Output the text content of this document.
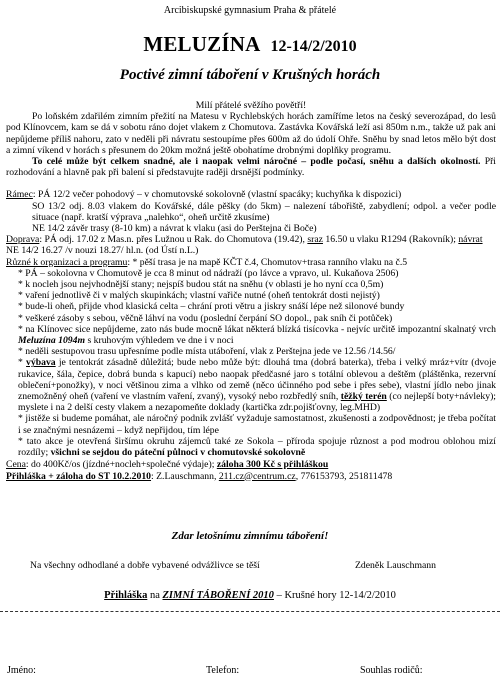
Arcibiskupské gymnasium Praha & přátelé
MELUZÍNA 12-14/2/2010
Poctivé zimní táboření v Krušných horách
Milí přátelé svěžího povětří!

Po loňském zdařilém zimním přežití na Matesu v Rychlebských horách zamíříme letos na český severozápad, do lesů pod Klínovcem, kam se dá v sobotu ráno dojet vlakem z Chomutova. Zastávka Kovářská leží asi 850m n.m., takže už pak ani nepůjdeme příliš nahoru, zato v neděli při návratu sestoupíme přes 600m až do údolí Ohře. Sněhu by snad letos mělo být dost a zimní víkend v horách s přesunem do 20km možná ještě obohatíme drobnými doplňky programu.

To celé může být celkem snadné, ale i naopak velmi náročné – podle počasí, sněhu a dalších okolností. Při rozhodování a hlavně pak při balení si představujte raději drsnější podmínky.

Rámec: PÁ 12/2 večer pohodový – v chomutovské sokolovně (vlastní spacáky; kuchyňka k dispozici)
SO 13/2 odj. 8.03 vlakem do Kovářské, dále pěšky (do 5km) – nalezení tábořiště, zabydlení; odpol. a večer podle situace (např. kratší výprava „nalehko“, oheň určitě zkusíme)
NE 14/2 závěr trasy (8-10 km) a návrat k vlaku (asi do Perštejna či Boče)
Doprava: PÁ odj. 17.02 z Mas.n. přes Lužnou u Rak. do Chomutova (19.42), sraz 16.50 u vlaku R1294 (Rakovník); návrat NE 14/2 16.27 /v nouzi 18.27/ hl.n. (od Ústí n.L.)
Různé k organizaci a programu: * pěší trasa je na mapě KČT č.4, Chomutov+trasa ranního vlaku na č.5
* PÁ – sokolovna v Chomutově je cca 8 minut od nádraží (po lávce a vpravo, ul. Kukaňova 2506)
* k nocleh jsou nejvhodnější stany; nejspíš budou stát na sněhu (v oblasti je ho nyní cca 0,5m)
* vaření jednotlivě či v malých skupinkách; vlastní vařiče nutné (oheň tentokrát dosti nejistý)
* bude-li oheň, přijde vhod klasická celta – chrání proti větru a jiskry snáší lépe než silonové bundy
* veškeré zásoby s sebou, věčně láhví na vodu (poslední čerpání SO dopol., pak sníh či potůček)
* na Klínovec sice nepůjdeme, zato nás bude mocně lákat některá blízká tisícovka - nejvíc určitě impozantní skalnatý vrch Meluzína 1094m s kruhovým výhledem ve dne i v noci
* neděli sestupovou trasu upřesníme podle místa utáboření, vlak z Perštejna jede ve 12.56 /14.56/
* výbava je tentokrát zásadně důležitá; bude nebo může být: dlouhá tma (dobrá baterka), třeba i velký mráz+vítr (dvoje rukavice, šála, čepice, dobrá bunda s kapucí) nebo naopak předčasné jaro s totální oblevou a deštěm (pláštěnka, rezervní oblečení+ponožky), v noci většinou zima a vlhko od země (něco účinného pod sebe i přes sebe), vlastní jídlo nebo jinak znemožněný oheň (vaření ve vlastním vaření, zvaný), vysoký nebo rozbředlý sníh, těžký terén (co nejlepší boty+návleky); myslete i na 2 delší cesty vlakem a nezapomeňte doklady (kartička zdr.pojišťovny, leg.MHD)
* jistěže si budeme pomáhat, ale náročný podnik zvlášť vyžaduje samostatnost, zkušenosti a zodpovědnost; je třeba počítat i se značnými nesnázemi – když nepřijdou, tím lépe
* tato akce je otevřená širšímu okruhu zájemců také ze Sokola – příroda spojuje různost a pod modrou oblohou mizí rozdíly; všichni se sejdou do páteční půlnoci v chomutovské sokolovně
Cena: do 400Kč/os (jízdné+nocleh+společné výdaje); záloha 300 Kč s přihláškou
Přihláška + záloha do ST 10.2.2010: Z.Lauschmann, 211.cz@centrum.cz, 776153793, 251811478
Zdar letošnímu zimnímu táboření!
Na všechny odhodlané a dobře vybavené odvážlivce se těší	Zdeněk Lauschmann
Přihláška na ZIMNÍ TÁBOŘENÍ 2010 – Krušné hory 12-14/2/2010
Jméno:	Telefon:	Souhlas rodičů:
